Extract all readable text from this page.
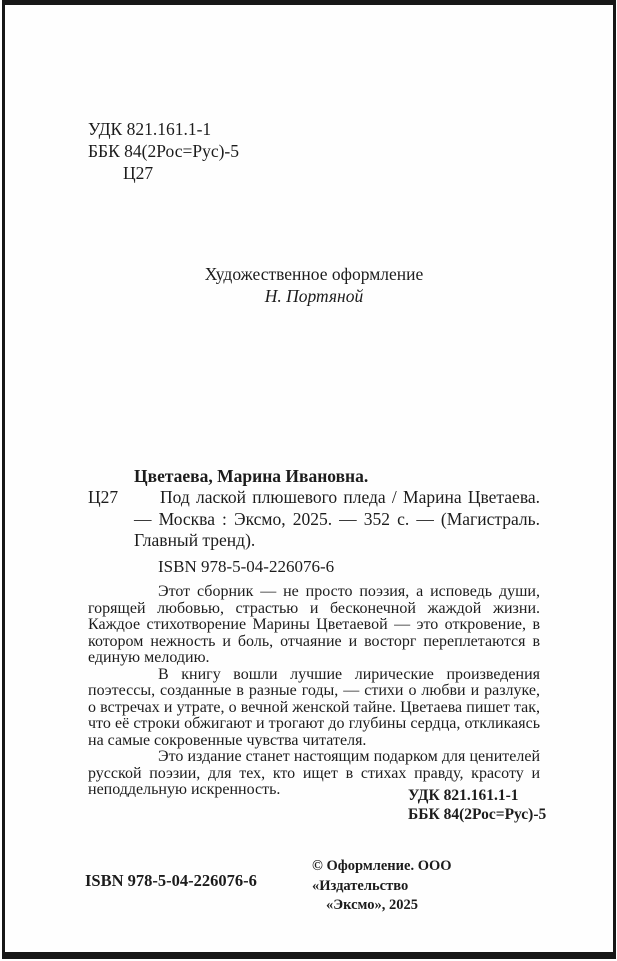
УДК 821.161.1-1
ББК 84(2Рос=Рус)-5
Ц27
Художественное оформление
Н. Портяной
Цветаева, Марина Ивановна.
Ц27 Под лаской плюшевого пледа / Марина Цветаева. — Москва : Эксмо, 2025. — 352 с. — (Магистраль. Главный тренд).
ISBN 978-5-04-226076-6

Этот сборник — не просто поэзия, а исповедь души, горящей любовью, страстью и бесконечной жаждой жизни. Каждое стихотворение Марины Цветаевой — это откровение, в котором нежность и боль, отчаяние и восторг переплетаются в единую мелодию.

В книгу вошли лучшие лирические произведения поэтессы, созданные в разные годы, — стихи о любви и разлуке, о встречах и утрате, о вечной женской тайне. Цветаева пишет так, что её строки обжигают и трогают до глубины сердца, откликаясь на самые сокровенные чувства читателя.

Это издание станет настоящим подарком для ценителей русской поэзии, для тех, кто ищет в стихах правду, красоту и неподдельную искренность.	УДК 821.161.1-1
ББК 84(2Рос=Рус)-5
ISBN 978-5-04-226076-6
© Оформление. ООО «Издательство
«Эксмо», 2025
